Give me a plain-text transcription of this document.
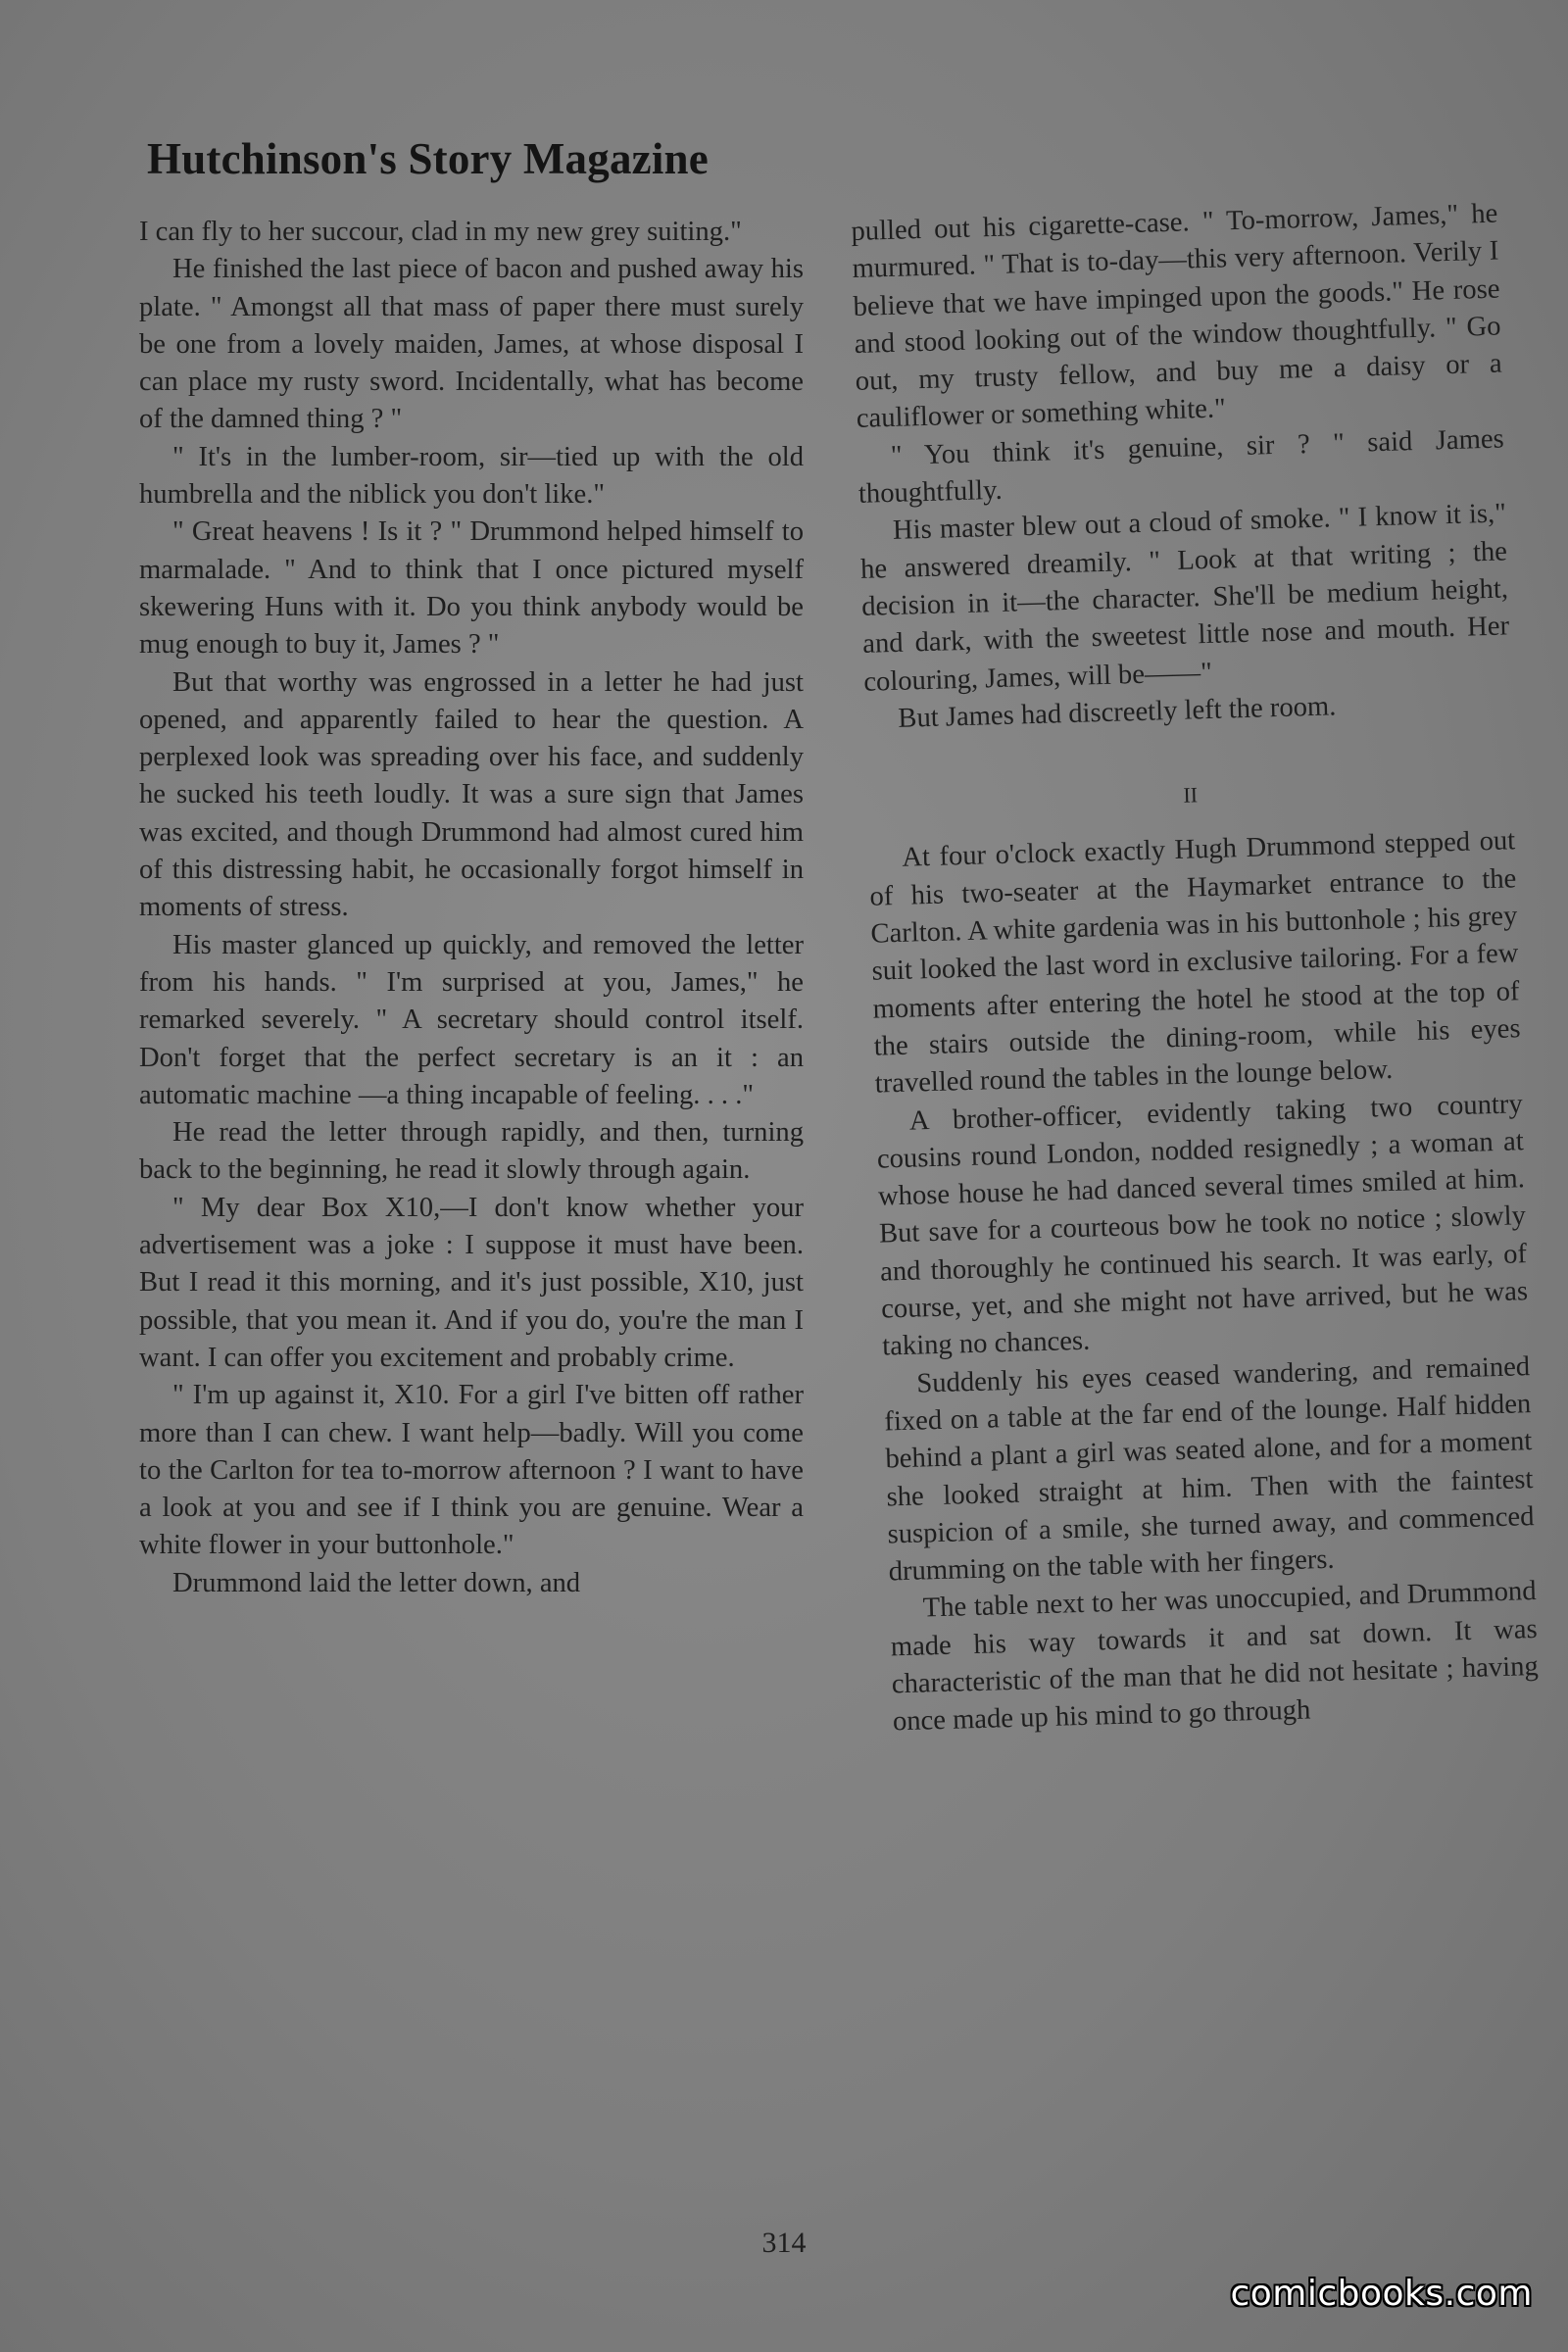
Hutchinson's Story Magazine

I can fly to her succour, clad in my new grey suiting."

He finished the last piece of bacon and pushed away his plate. " Amongst all that mass of paper there must surely be one from a lovely maiden, James, at whose disposal I can place my rusty sword. Incidentally, what has become of the damned thing ? "

" It's in the lumber-room, sir—tied up with the old humbrella and the niblick you don't like."

" Great heavens ! Is it ? " Drummond helped himself to marmalade. " And to think that I once pictured myself skewering Huns with it. Do you think anybody would be mug enough to buy it, James ? "

But that worthy was engrossed in a letter he had just opened, and apparently failed to hear the question. A perplexed look was spreading over his face, and suddenly he sucked his teeth loudly. It was a sure sign that James was excited, and though Drummond had almost cured him of this distressing habit, he occasionally forgot himself in moments of stress.

His master glanced up quickly, and removed the letter from his hands. " I'm surprised at you, James," he remarked severely. " A secretary should control itself. Don't forget that the perfect secretary is an it : an automatic machine —a thing incapable of feeling. . . ."

He read the letter through rapidly, and then, turning back to the beginning, he read it slowly through again.

" My dear Box X10,—I don't know whether your advertisement was a joke : I suppose it must have been. But I read it this morning, and it's just possible, X10, just possible, that you mean it. And if you do, you're the man I want. I can offer you excitement and probably crime.

" I'm up against it, X10. For a girl I've bitten off rather more than I can chew. I want help—badly. Will you come to the Carlton for tea to-morrow afternoon ? I want to have a look at you and see if I think you are genuine. Wear a white flower in your buttonhole."

Drummond laid the letter down, and

pulled out his cigarette-case. " To-morrow, James," he murmured. " That is to-day—this very afternoon. Verily I believe that we have impinged upon the goods." He rose and stood looking out of the window thoughtfully. " Go out, my trusty fellow, and buy me a daisy or a cauliflower or something white."

" You think it's genuine, sir ? " said James thoughtfully.

His master blew out a cloud of smoke. " I know it is," he answered dreamily. " Look at that writing ; the decision in it—the character. She'll be medium height, and dark, with the sweetest little nose and mouth. Her colouring, James, will be——"

But James had discreetly left the room.

II

At four o'clock exactly Hugh Drummond stepped out of his two-seater at the Haymarket entrance to the Carlton. A white gardenia was in his buttonhole ; his grey suit looked the last word in exclusive tailoring. For a few moments after entering the hotel he stood at the top of the stairs outside the dining-room, while his eyes travelled round the tables in the lounge below.

A brother-officer, evidently taking two country cousins round London, nodded resignedly ; a woman at whose house he had danced several times smiled at him. But save for a courteous bow he took no notice ; slowly and thoroughly he continued his search. It was early, of course, yet, and she might not have arrived, but he was taking no chances.

Suddenly his eyes ceased wandering, and remained fixed on a table at the far end of the lounge. Half hidden behind a plant a girl was seated alone, and for a moment she looked straight at him. Then with the faintest suspicion of a smile, she turned away, and commenced drumming on the table with her fingers.

The table next to her was unoccupied, and Drummond made his way towards it and sat down. It was characteristic of the man that he did not hesitate ; having once made up his mind to go through

314
comicbooks.com
